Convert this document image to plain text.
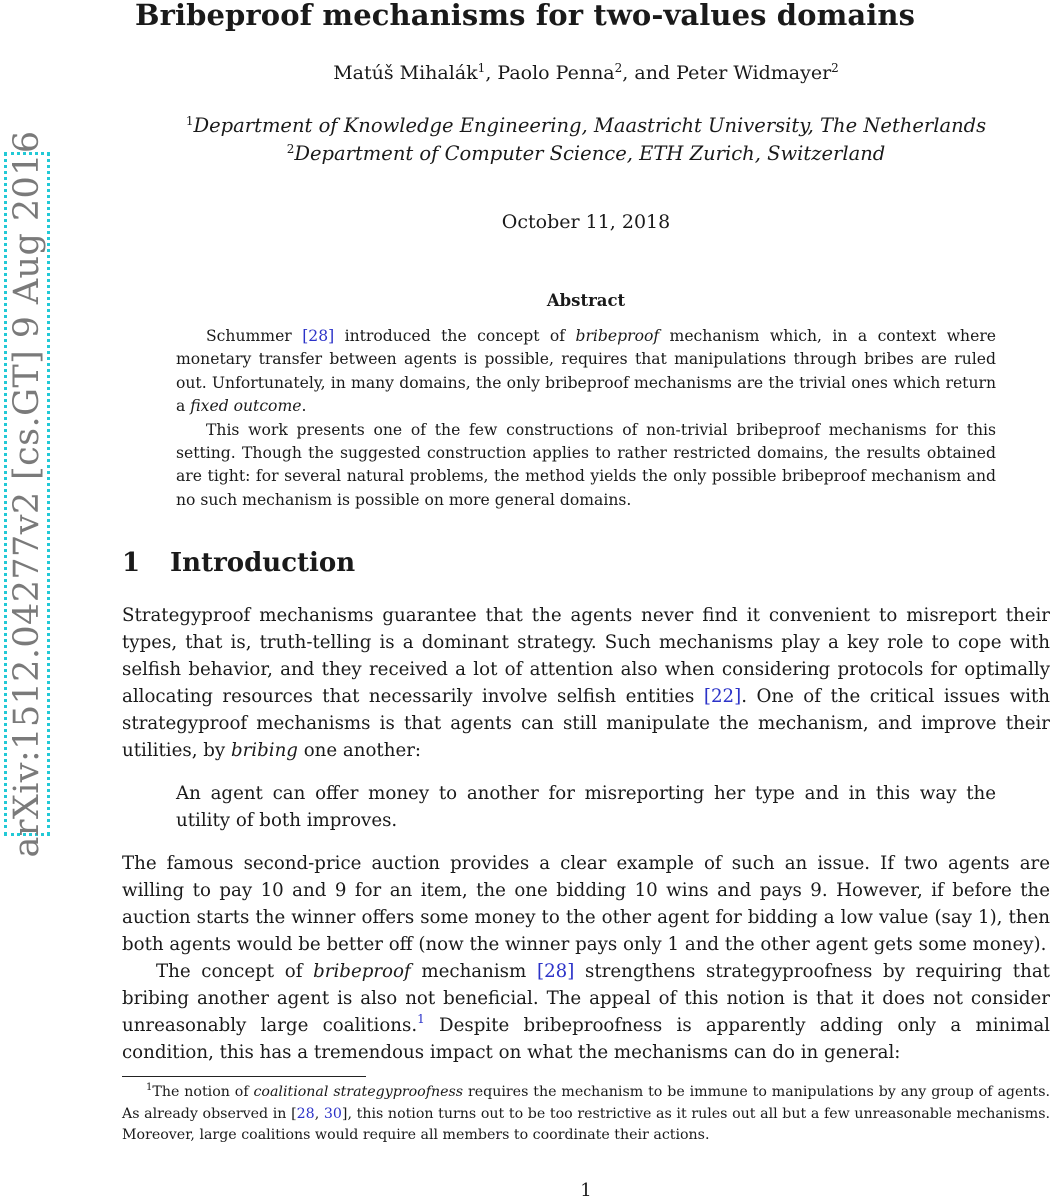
arXiv:1512.04277v2 [cs.GT] 9 Aug 2016
Bribeproof mechanisms for two-values domains
Matúš Mihalák$^1$, Paolo Penna$^2$, and Peter Widmayer$^2$
$^1$Department of Knowledge Engineering, Maastricht University, The Netherlands
$^2$Department of Computer Science, ETH Zurich, Switzerland
October 11, 2018
Abstract

Schummer [28] introduced the concept of bribeproof mechanism which, in a context where monetary transfer between agents is possible, requires that manipulations through bribes are ruled out. Unfortunately, in many domains, the only bribeproof mechanisms are the trivial ones which return a fixed outcome.

This work presents one of the few constructions of non-trivial bribeproof mechanisms for this setting. Though the suggested construction applies to rather restricted domains, the results obtained are tight: for several natural problems, the method yields the only possible bribeproof mechanism and no such mechanism is possible on more general domains.

1 Introduction

Strategyproof mechanisms guarantee that the agents never find it convenient to misreport their types, that is, truth-telling is a dominant strategy. Such mechanisms play a key role to cope with selfish behavior, and they received a lot of attention also when considering protocols for optimally allocating resources that necessarily involve selfish entities [22]. One of the critical issues with strategyproof mechanisms is that agents can still manipulate the mechanism, and improve their utilities, by bribing one another:

An agent can offer money to another for misreporting her type and in this way the utility of both improves.

The famous second-price auction provides a clear example of such an issue. If two agents are willing to pay 10 and 9 for an item, the one bidding 10 wins and pays 9. However, if before the auction starts the winner offers some money to the other agent for bidding a low value (say 1), then both agents would be better off (now the winner pays only 1 and the other agent gets some money).

The concept of bribeproof mechanism [28] strengthens strategyproofness by requiring that bribing another agent is also not beneficial. The appeal of this notion is that it does not consider unreasonably large coalitions.$^1$ Despite bribeproofness is apparently adding only a minimal condition, this has a tremendous impact on what the mechanisms can do in general:

$^1$The notion of coalitional strategyproofness requires the mechanism to be immune to manipulations by any group of agents. As already observed in [28, 30], this notion turns out to be too restrictive as it rules out all but a few unreasonable mechanisms. Moreover, large coalitions would require all members to coordinate their actions.

1
